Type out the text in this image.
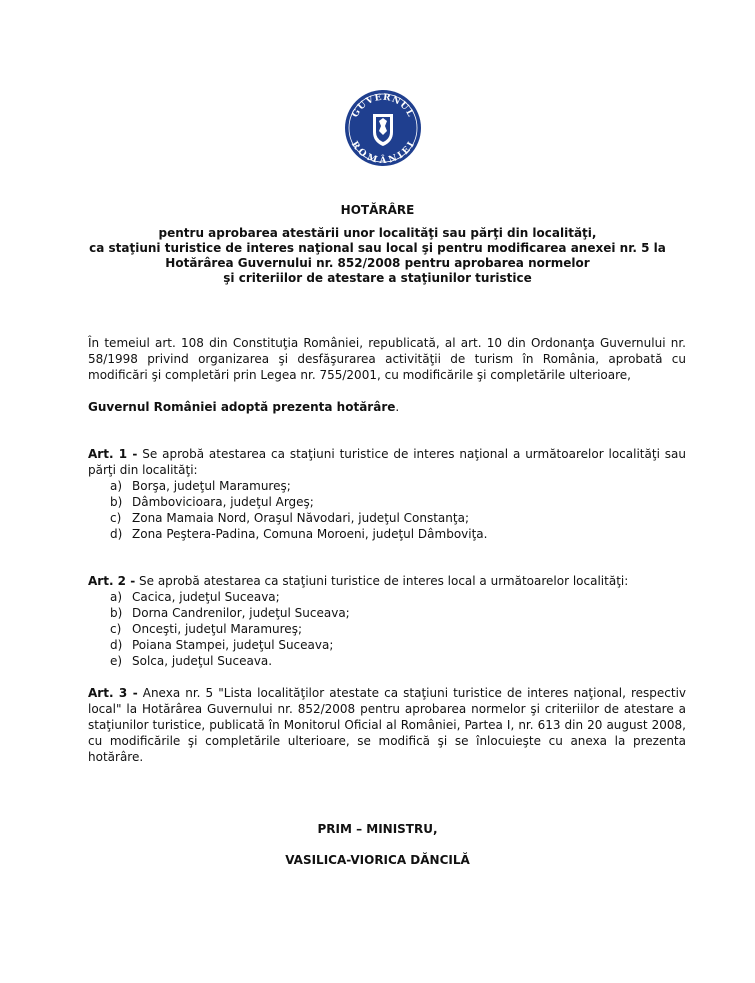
GUVERNUL
ROMÂNIEI
HOTĂRÂRE
pentru aprobarea atestării unor localităţi sau părţi din localităţi,
ca staţiuni turistice de interes naţional sau local şi pentru modificarea anexei nr. 5 la
Hotărârea Guvernului nr. 852/2008 pentru aprobarea normelor
şi criteriilor de atestare a staţiunilor turistice
În temeiul art. 108 din Constituţia României, republicată, al art. 10 din Ordonanţa Guvernului nr. 58/1998 privind organizarea şi desfăşurarea activităţii de turism în România, aprobată cu modificări şi completări prin Legea nr. 755/2001, cu modificările şi completările ulterioare,
Guvernul României adoptă prezenta hotărâre.
Art. 1 - Se aprobă atestarea ca staţiuni turistice de interes naţional a următoarelor localităţi sau părţi din localităţi:
a) Borşa, judeţul Maramureş;
b) Dâmbovicioara, judeţul Argeş;
c) Zona Mamaia Nord, Oraşul Năvodari, judeţul Constanţa;
d) Zona Peştera-Padina, Comuna Moroeni, judeţul Dâmboviţa.
Art. 2 - Se aprobă atestarea ca staţiuni turistice de interes local a următoarelor localităţi:
a) Cacica, judeţul Suceava;
b) Dorna Candrenilor, judeţul Suceava;
c) Onceşti, judeţul Maramureş;
d) Poiana Stampei, judeţul Suceava;
e) Solca, judeţul Suceava.
Art. 3 - Anexa nr. 5 "Lista localităţilor atestate ca staţiuni turistice de interes naţional, respectiv local" la Hotărârea Guvernului nr. 852/2008 pentru aprobarea normelor şi criteriilor de atestare a staţiunilor turistice, publicată în Monitorul Oficial al României, Partea I, nr. 613 din 20 august 2008, cu modificările şi completările ulterioare, se modifică şi se înlocuieşte cu anexa la prezenta hotărâre.
PRIM – MINISTRU,
VASILICA-VIORICA DĂNCILĂ
